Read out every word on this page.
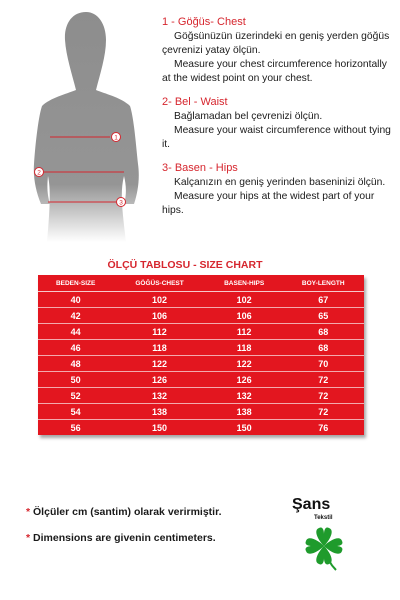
1
2
3

1 - Göğüs- Chest

Göğsünüzün üzerindeki en geniş yerden göğüs çevrenizi yatay ölçün.

Measure your chest circumference horizontally at the widest point on your chest.

2- Bel - Waist

Bağlamadan bel çevrenizi ölçün.

Measure your waist circumference without tying it.

3- Basen - Hips

Kalçanızın en geniş yerinden baseninizi ölçün.

Measure your hips at the widest part of your hips.

ÖLÇÜ TABLOSU - SIZE CHART

BEDEN-SIZE	GÖĞÜS-CHEST	BASEN-HIPS	BOY-LENGTH
40	102	102	67
42	106	106	65
44	112	112	68
46	118	118	68
48	122	122	70
50	126	126	72
52	132	132	72
54	138	138	72
56	150	150	76

* Ölçüler cm (santim) olarak verirmiştir.

* Dimensions are givenin centimeters.

Şans
Tekstil
